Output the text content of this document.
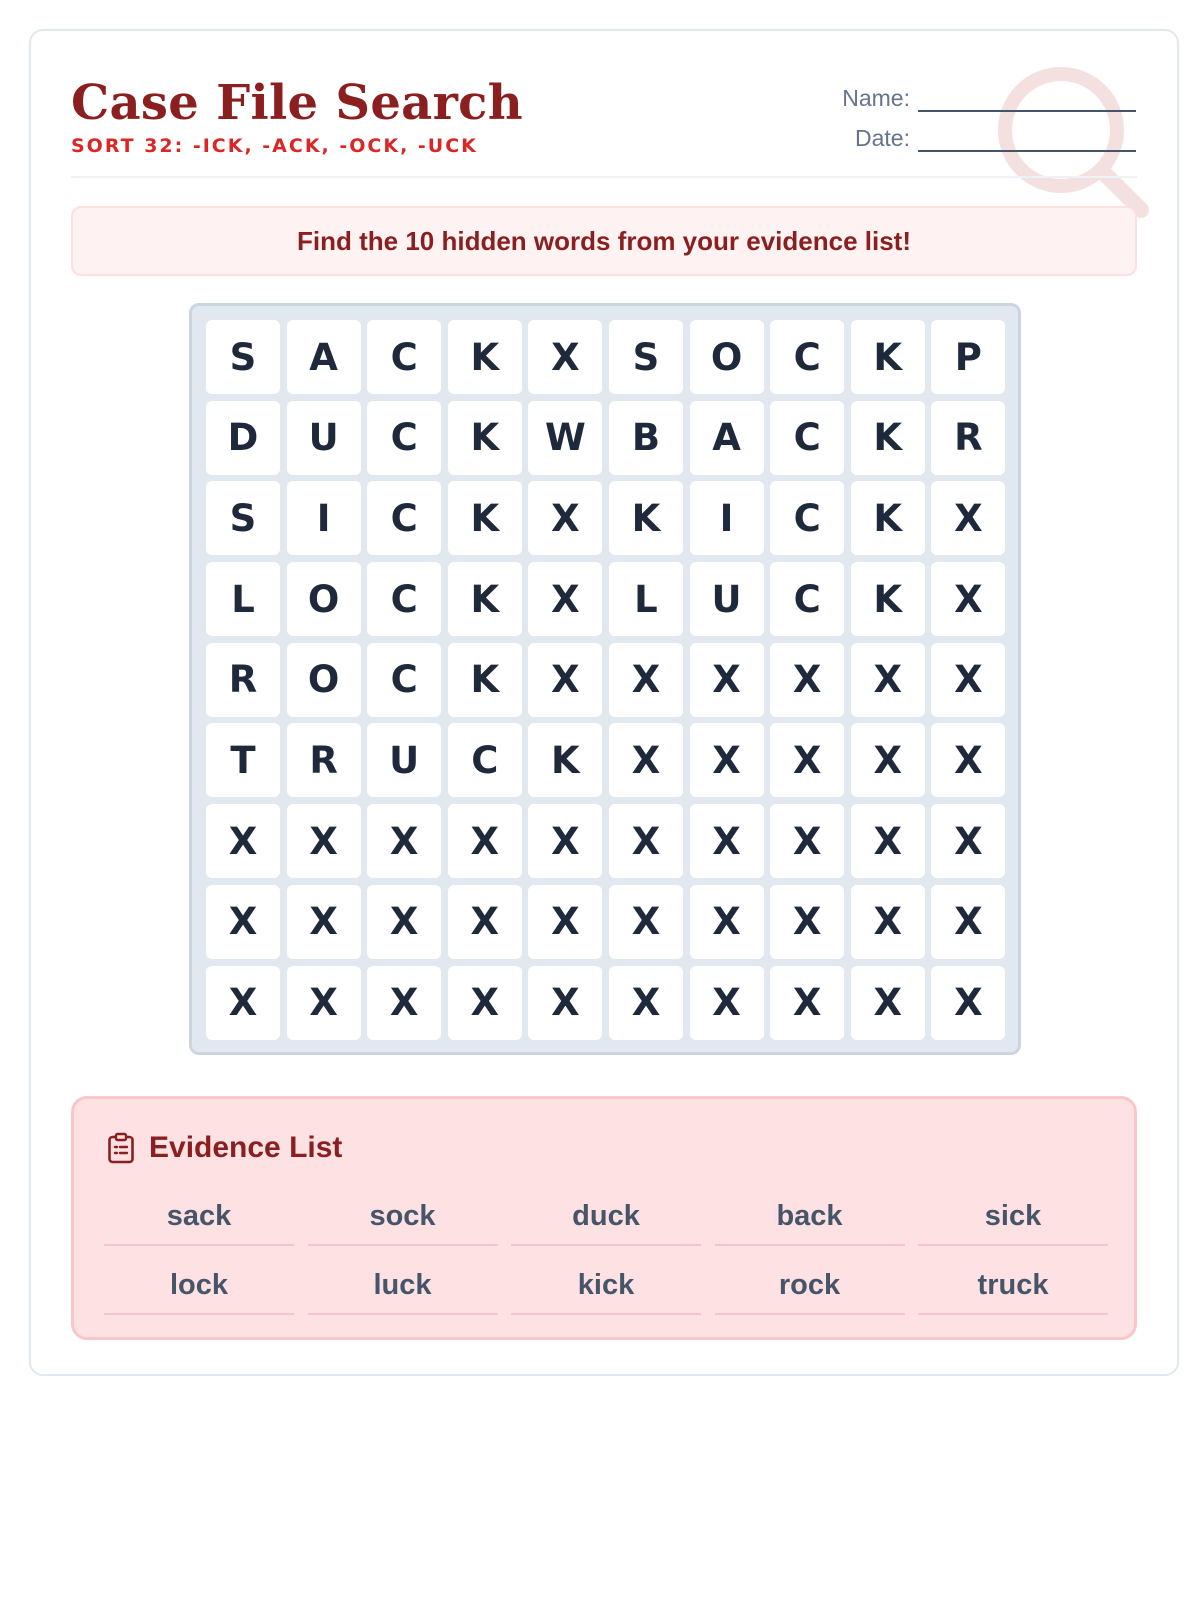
Case File Search
SORT 32: -ICK, -ACK, -OCK, -UCK
Name:
Date:
Find the 10 hidden words from your evidence list!
S	A	C	K	X	S	O	C	K	P
D	U	C	K	W	B	A	C	K	R
S	I	C	K	X	K	I	C	K	X
L	O	C	K	X	L	U	C	K	X
R	O	C	K	X	X	X	X	X	X
T	R	U	C	K	X	X	X	X	X
X	X	X	X	X	X	X	X	X	X
X	X	X	X	X	X	X	X	X	X
X	X	X	X	X	X	X	X	X	X
Evidence List
sack	sock	duck	back	sick
lock	luck	kick	rock	truck
